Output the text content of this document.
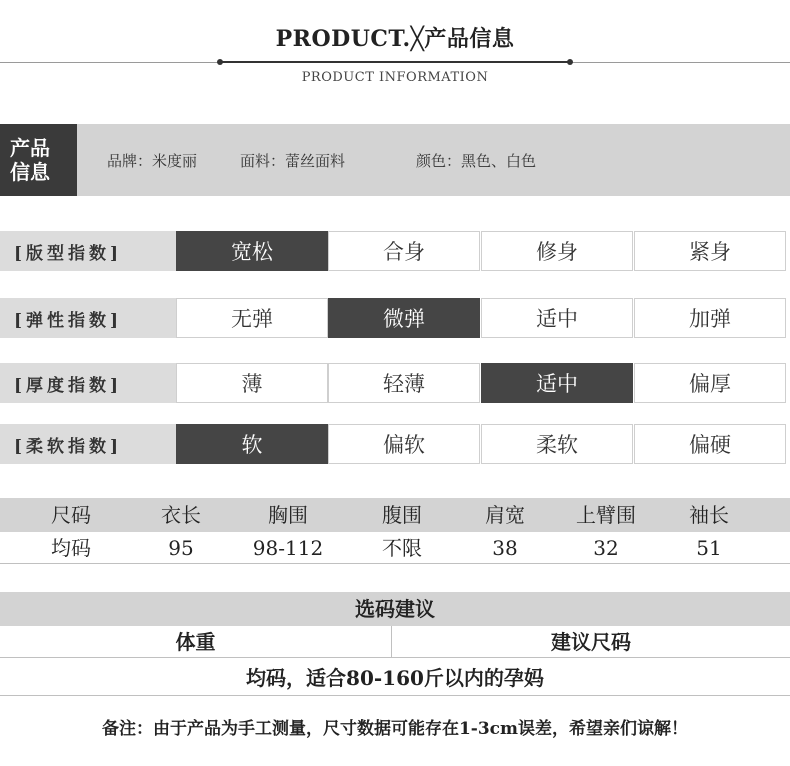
PRODUCT.╳产品信息
PRODUCT INFORMATION
产品
信息	品牌：米度丽	面料：蕾丝面料	颜色：黑色、白色
[版型指数]	宽松	合身	修身	紧身
[弹性指数]	无弹	微弹	适中	加弹
[厚度指数]	薄	轻薄	适中	偏厚
[柔软指数]	软	偏软	柔软	偏硬
尺码	衣长	胸围	腹围	肩宽	上臂围	袖长
均码	95	98-112	不限	38	32	51
选码建议
体重	建议尺码
均码，适合80-160斤以内的孕妈
备注：由于产品为手工测量，尺寸数据可能存在1-3cm误差，希望亲们谅解！
